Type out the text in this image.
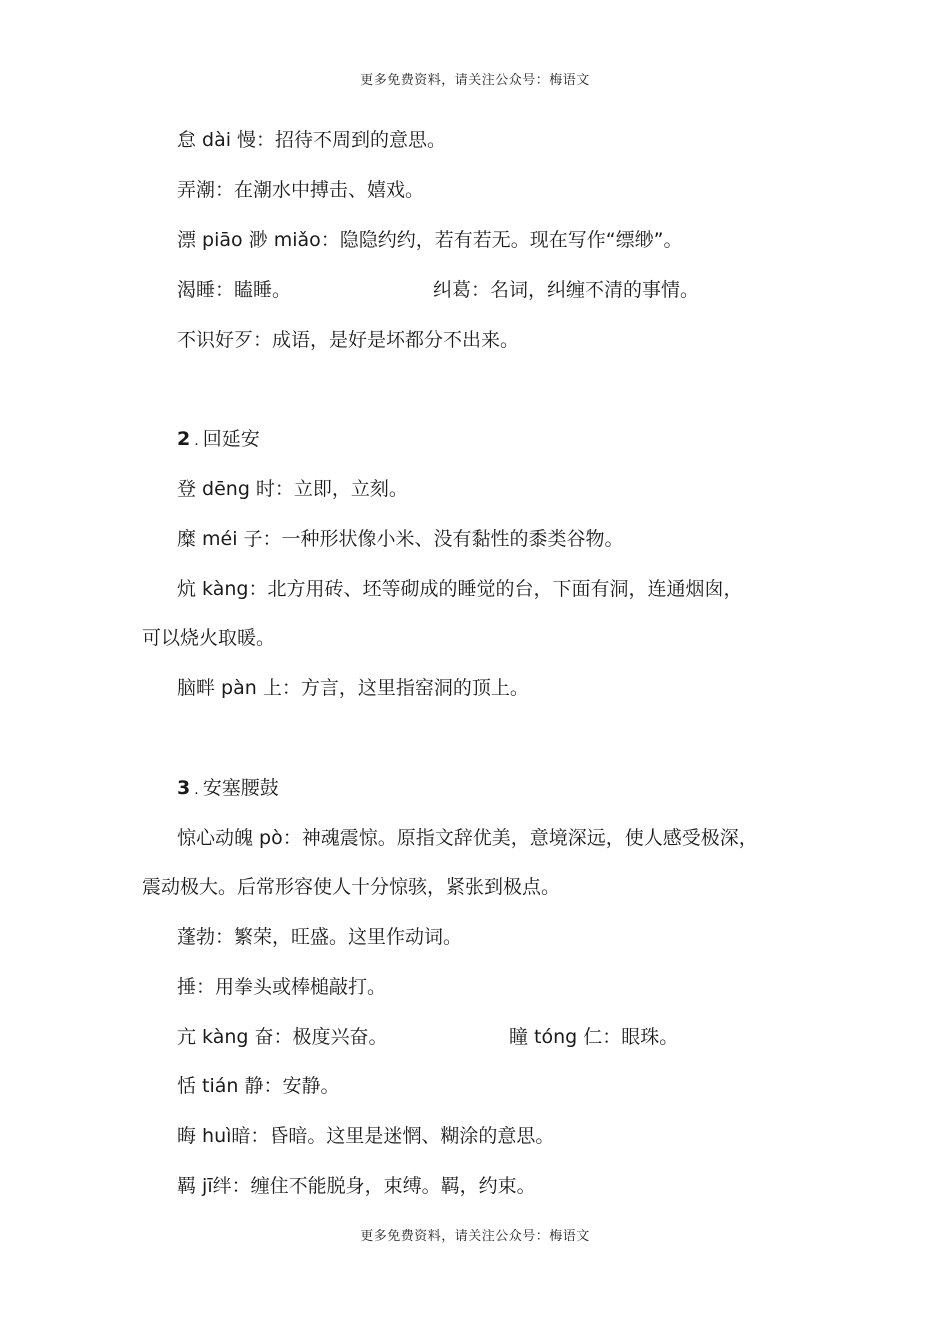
更多免费资料，请关注公众号：梅语文
怠 dài 慢：招待不周到的意思。
弄潮：在潮水中搏击、嬉戏。
漂 piāo 渺 miǎo：隐隐约约，若有若无。现在写作“缥缈”。
渴睡：瞌睡。	纠葛：名词，纠缠不清的事情。
不识好歹：成语，是好是坏都分不出来。
2 . 回延安
登 dēng 时：立即，立刻。
糜 méi 子：一种形状像小米、没有黏性的黍类谷物。
炕 kàng：北方用砖、坯等砌成的睡觉的台，下面有洞，连通烟囱，
可以烧火取暖。
脑畔 pàn 上：方言，这里指窑洞的顶上。
3 . 安塞腰鼓
惊心动魄 pò：神魂震惊。原指文辞优美，意境深远，使人感受极深，
震动极大。后常形容使人十分惊骇，紧张到极点。
蓬勃：繁荣，旺盛。这里作动词。
捶：用拳头或棒槌敲打。
亢 kàng 奋：极度兴奋。	瞳 tóng 仁：眼珠。
恬 tián 静：安静。
晦 huì暗：昏暗。这里是迷惘、糊涂的意思。
羁 jī绊：缠住不能脱身，束缚。羁，约束。
更多免费资料，请关注公众号：梅语文
